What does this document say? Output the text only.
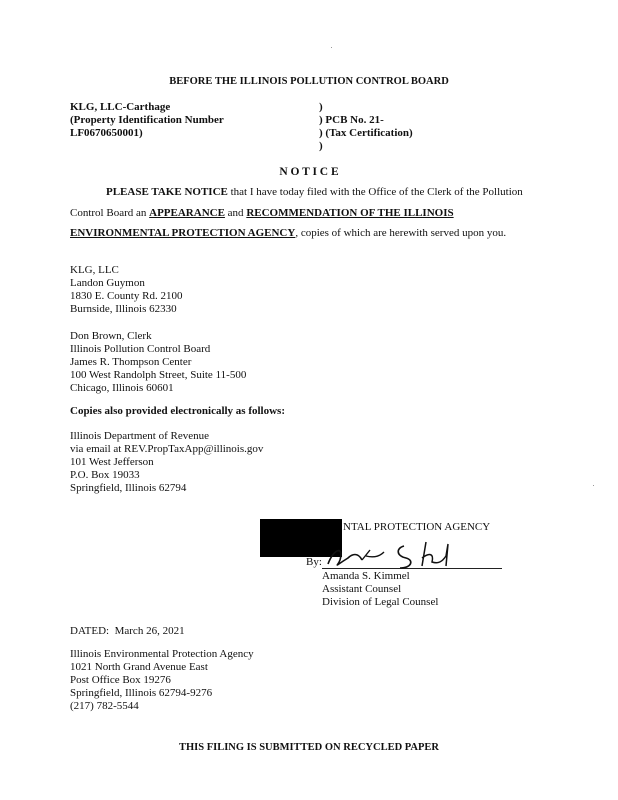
BEFORE THE ILLINOIS POLLUTION CONTROL BOARD
KLG, LLC-Carthage
(Property Identification Number
LF0670650001)
)
) PCB No. 21-
) (Tax Certification)
)
N O T I C E
PLEASE TAKE NOTICE that I have today filed with the Office of the Clerk of the Pollution
Control Board an APPEARANCE and RECOMMENDATION OF THE ILLINOIS
ENVIRONMENTAL PROTECTION AGENCY, copies of which are herewith served upon you.
KLG, LLC
Landon Guymon
1830 E. County Rd. 2100
Burnside, Illinois 62330
Don Brown, Clerk
Illinois Pollution Control Board
James R. Thompson Center
100 West Randolph Street, Suite 11-500
Chicago, Illinois 60601
Copies also provided electronically as follows:
Illinois Department of Revenue
via email at REV.PropTaxApp@illinois.gov
101 West Jefferson
P.O. Box 19033
Springfield, Illinois 62794
NTAL PROTECTION AGENCY
By:
Amanda S. Kimmel
Assistant Counsel
Division of Legal Counsel
DATED:  March 26, 2021
Illinois Environmental Protection Agency
1021 North Grand Avenue East
Post Office Box 19276
Springfield, Illinois 62794-9276
(217) 782-5544
THIS FILING IS SUBMITTED ON RECYCLED PAPER
